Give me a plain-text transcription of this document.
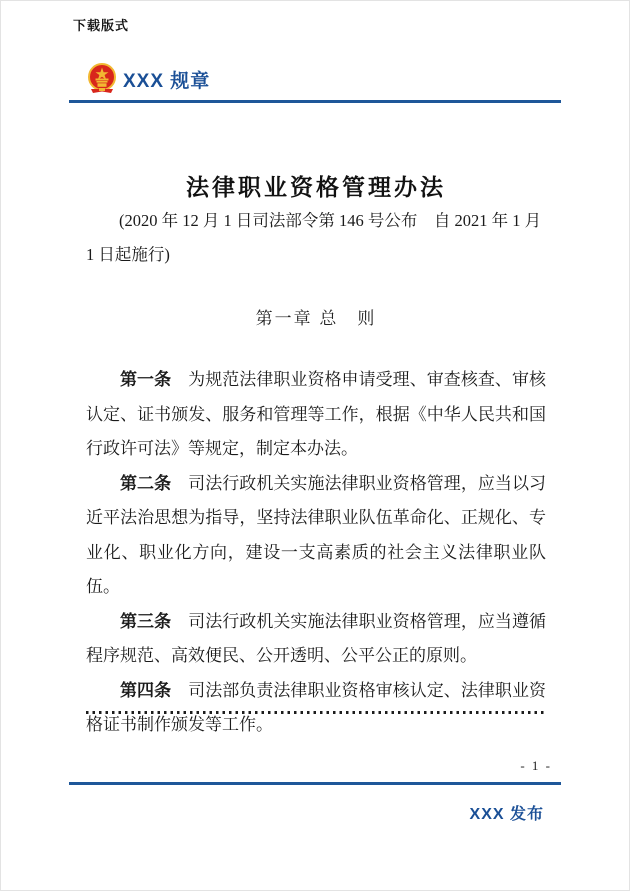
下载版式
XXX 规章
法律职业资格管理办法

(2020 年 12 月 1 日司法部令第 146 号公布　自 2021 年 1 月 1 日起施行)

第一章 总　则

第一条　为规范法律职业资格申请受理、审查核查、审核认定、证书颁发、服务和管理等工作，根据《中华人民共和国行政许可法》等规定，制定本办法。

第二条　司法行政机关实施法律职业资格管理，应当以习近平法治思想为指导，坚持法律职业队伍革命化、正规化、专业化、职业化方向，建设一支高素质的社会主义法律职业队伍。

第三条　司法行政机关实施法律职业资格管理，应当遵循程序规范、高效便民、公开透明、公平公正的原则。

第四条　司法部负责法律职业资格审核认定、法律职业资格证书制作颁发等工作。

- 1 -
XXX 发布
